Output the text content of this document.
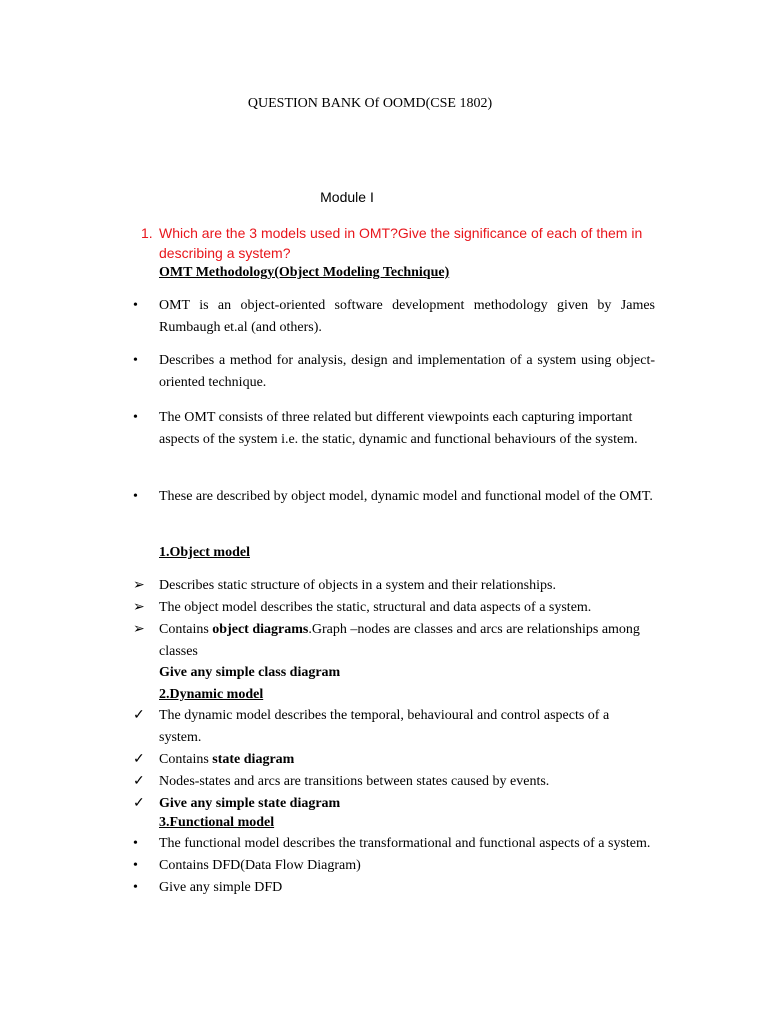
QUESTION BANK Of OOMD(CSE 1802)
Module I
1. Which are the 3 models used in OMT?Give the significance of each of them in describing a system?
OMT Methodology(Object Modeling Technique)
•	OMT is an object-oriented software development methodology given by James Rumbaugh et.al (and others).
•	Describes a method for analysis, design and implementation of a system using object-oriented technique.
•	The OMT consists of three related but different viewpoints each capturing important aspects of the system i.e. the static, dynamic and functional behaviours of the system.
•	These are described by object model, dynamic model and functional model of the OMT.
1.Object model
➢	Describes static structure of objects in a system and their relationships.
➢	The object model describes the static, structural and data aspects of a system.
➢	Contains object diagrams.Graph –nodes are classes and arcs are relationships among classes
Give any simple class diagram
2.Dynamic model
✓	The dynamic model describes the temporal, behavioural and control aspects of a system.
✓	Contains state diagram
✓	Nodes-states and arcs are transitions between states caused by events.
✓	Give any simple state diagram
3.Functional model
•	The functional model describes the transformational and functional aspects of a system.
•	Contains DFD(Data Flow Diagram)
•	Give any simple DFD
